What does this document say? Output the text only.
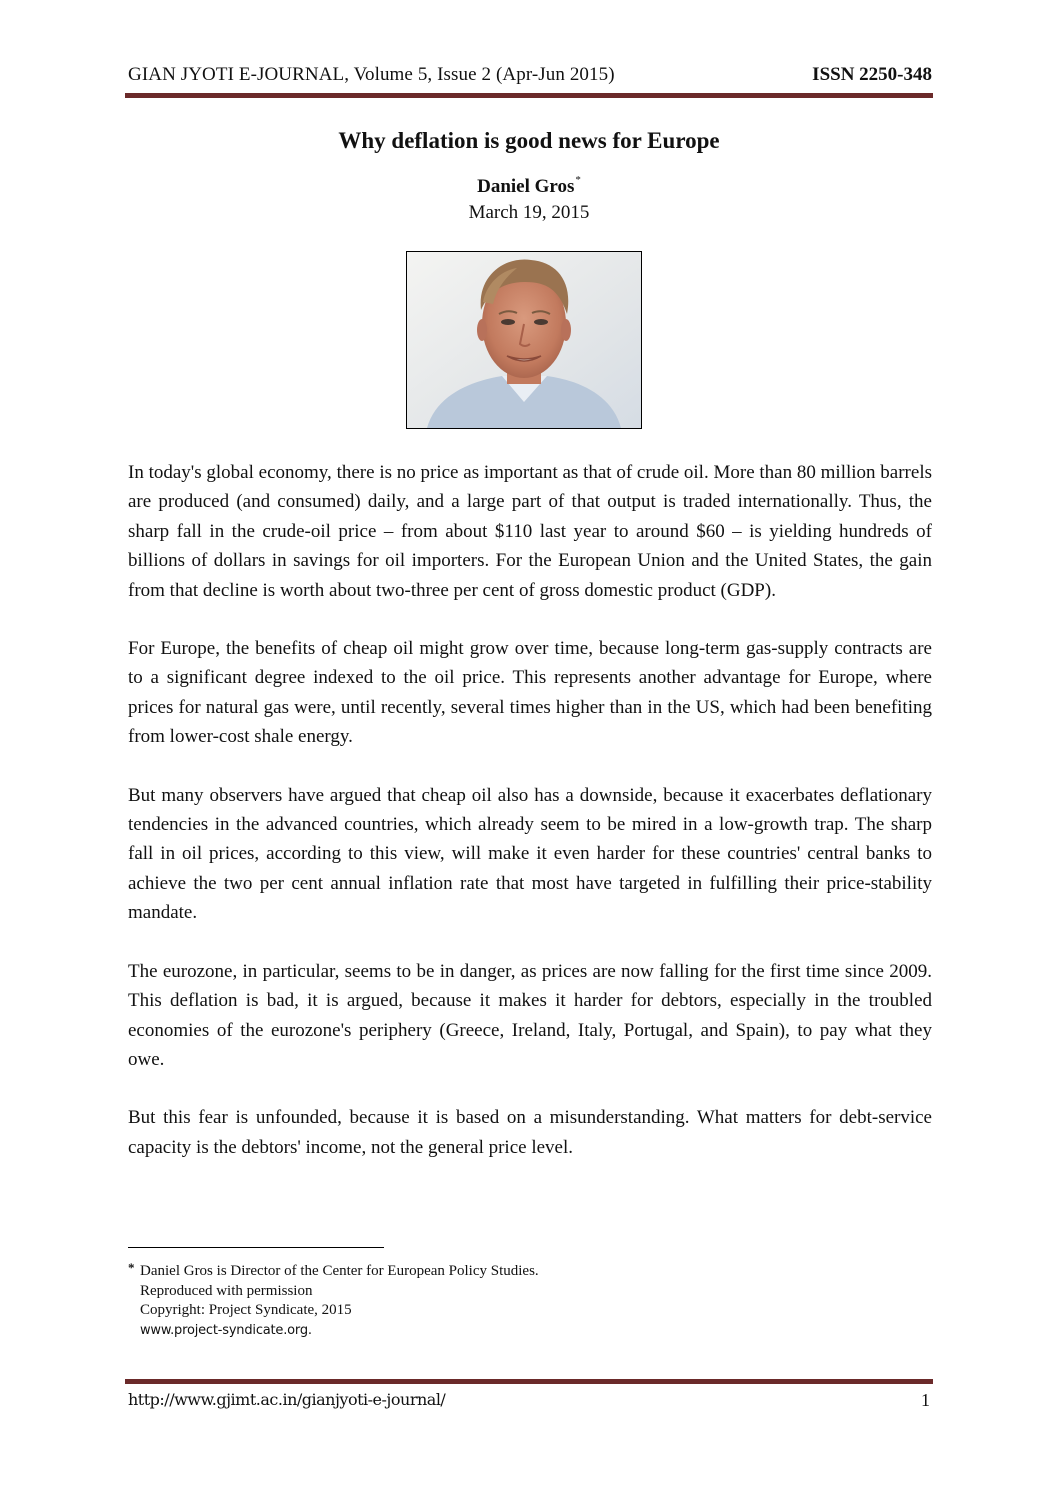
GIAN JYOTI E-JOURNAL, Volume 5, Issue 2 (Apr-Jun 2015)	ISSN 2250-348
Why deflation is good news for Europe
Daniel Gros*
March 19, 2015

In today's global economy, there is no price as important as that of crude oil. More than 80 million barrels are produced (and consumed) daily, and a large part of that output is traded internationally. Thus, the sharp fall in the crude-oil price – from about $110 last year to around $60 – is yielding hundreds of billions of dollars in savings for oil importers. For the European Union and the United States, the gain from that decline is worth about two-three per cent of gross domestic product (GDP).

For Europe, the benefits of cheap oil might grow over time, because long-term gas-supply contracts are to a significant degree indexed to the oil price. This represents another advantage for Europe, where prices for natural gas were, until recently, several times higher than in the US, which had been benefiting from lower-cost shale energy.

But many observers have argued that cheap oil also has a downside, because it exacerbates deflationary tendencies in the advanced countries, which already seem to be mired in a low-growth trap. The sharp fall in oil prices, according to this view, will make it even harder for these countries' central banks to achieve the two per cent annual inflation rate that most have targeted in fulfilling their price-stability mandate.

The eurozone, in particular, seems to be in danger, as prices are now falling for the first time since 2009. This deflation is bad, it is argued, because it makes it harder for debtors, especially in the troubled economies of the eurozone's periphery (Greece, Ireland, Italy, Portugal, and Spain), to pay what they owe.

But this fear is unfounded, because it is based on a misunderstanding. What matters for debt-service capacity is the debtors' income, not the general price level.

* Daniel Gros is Director of the Center for European Policy Studies.
Reproduced with permission
Copyright: Project Syndicate, 2015
www.project-syndicate.org.
http://www.gjimt.ac.in/gianjyoti-e-journal/	1
